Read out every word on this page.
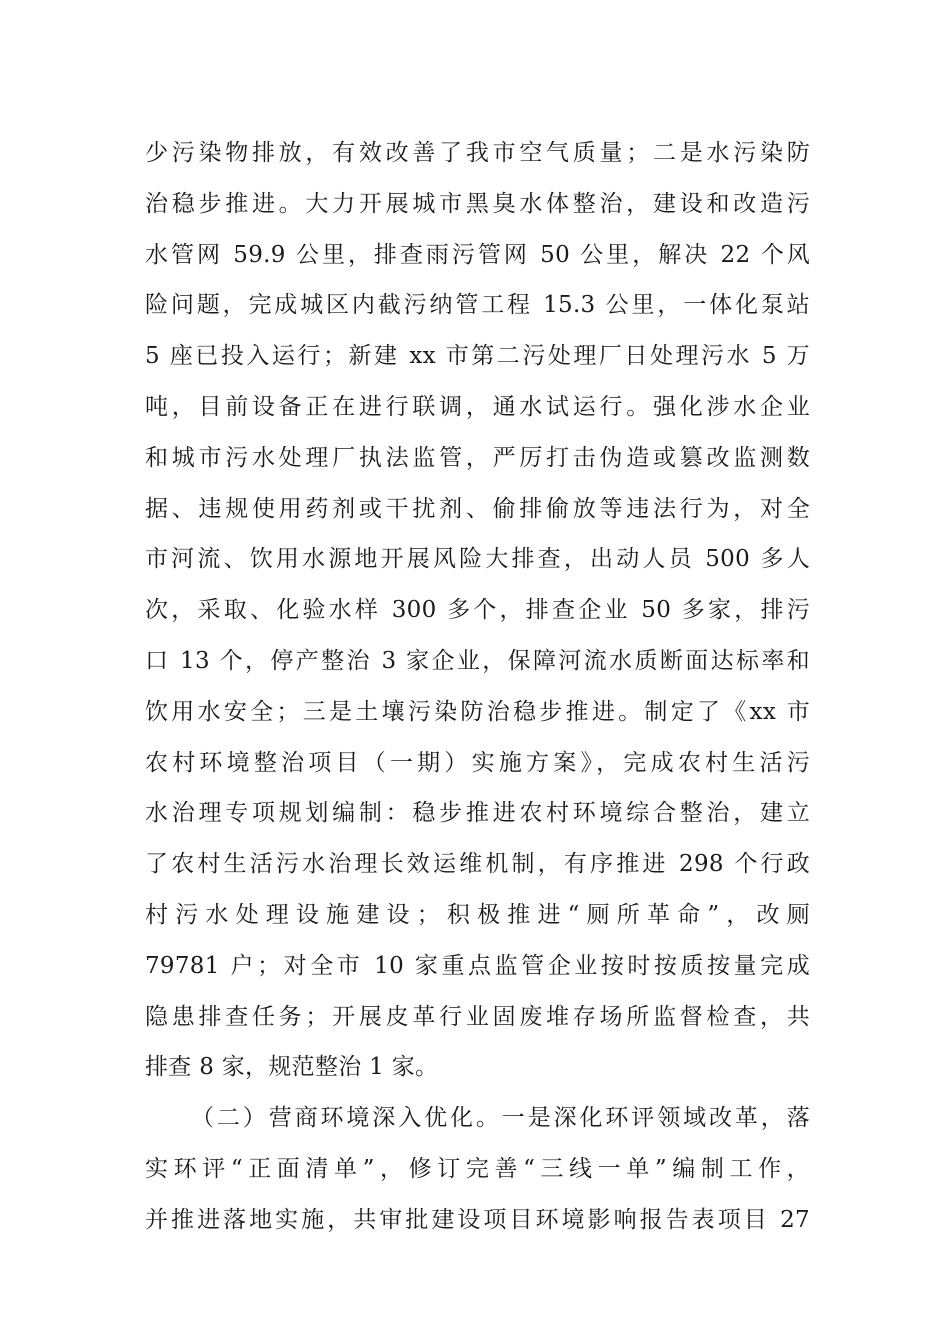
少污染物排放，有效改善了我市空气质量；二是水污染防
治稳步推进。大力开展城市黑臭水体整治，建设和改造污
水管网 59.9 公里，排查雨污管网 50 公里，解决 22 个风
险问题，完成城区内截污纳管工程 15.3 公里，一体化泵站
5 座已投入运行；新建 xx 市第二污处理厂日处理污水 5 万
吨，目前设备正在进行联调，通水试运行。强化涉水企业
和城市污水处理厂执法监管，严厉打击伪造或篡改监测数
据、违规使用药剂或干扰剂、偷排偷放等违法行为，对全
市河流、饮用水源地开展风险大排查，出动人员 500 多人
次，采取、化验水样 300 多个，排查企业 50 多家，排污
口 13 个，停产整治 3 家企业，保障河流水质断面达标率和
饮用水安全；三是土壤污染防治稳步推进。制定了《xx 市
农村环境整治项目（一期）实施方案》，完成农村生活污
水治理专项规划编制：稳步推进农村环境综合整治，建立
了农村生活污水治理长效运维机制，有序推进 298 个行政
村污水处理设施建设；积极推进“厕所革命”，改厕
79781 户；对全市 10 家重点监管企业按时按质按量完成
隐患排查任务；开展皮革行业固废堆存场所监督检查，共
排查 8 家，规范整治 1 家。
（二）营商环境深入优化。一是深化环评领域改革，落
实环评“正面清单”，修订完善“三线一单”编制工作，
并推进落地实施，共审批建设项目环境影响报告表项目 27
